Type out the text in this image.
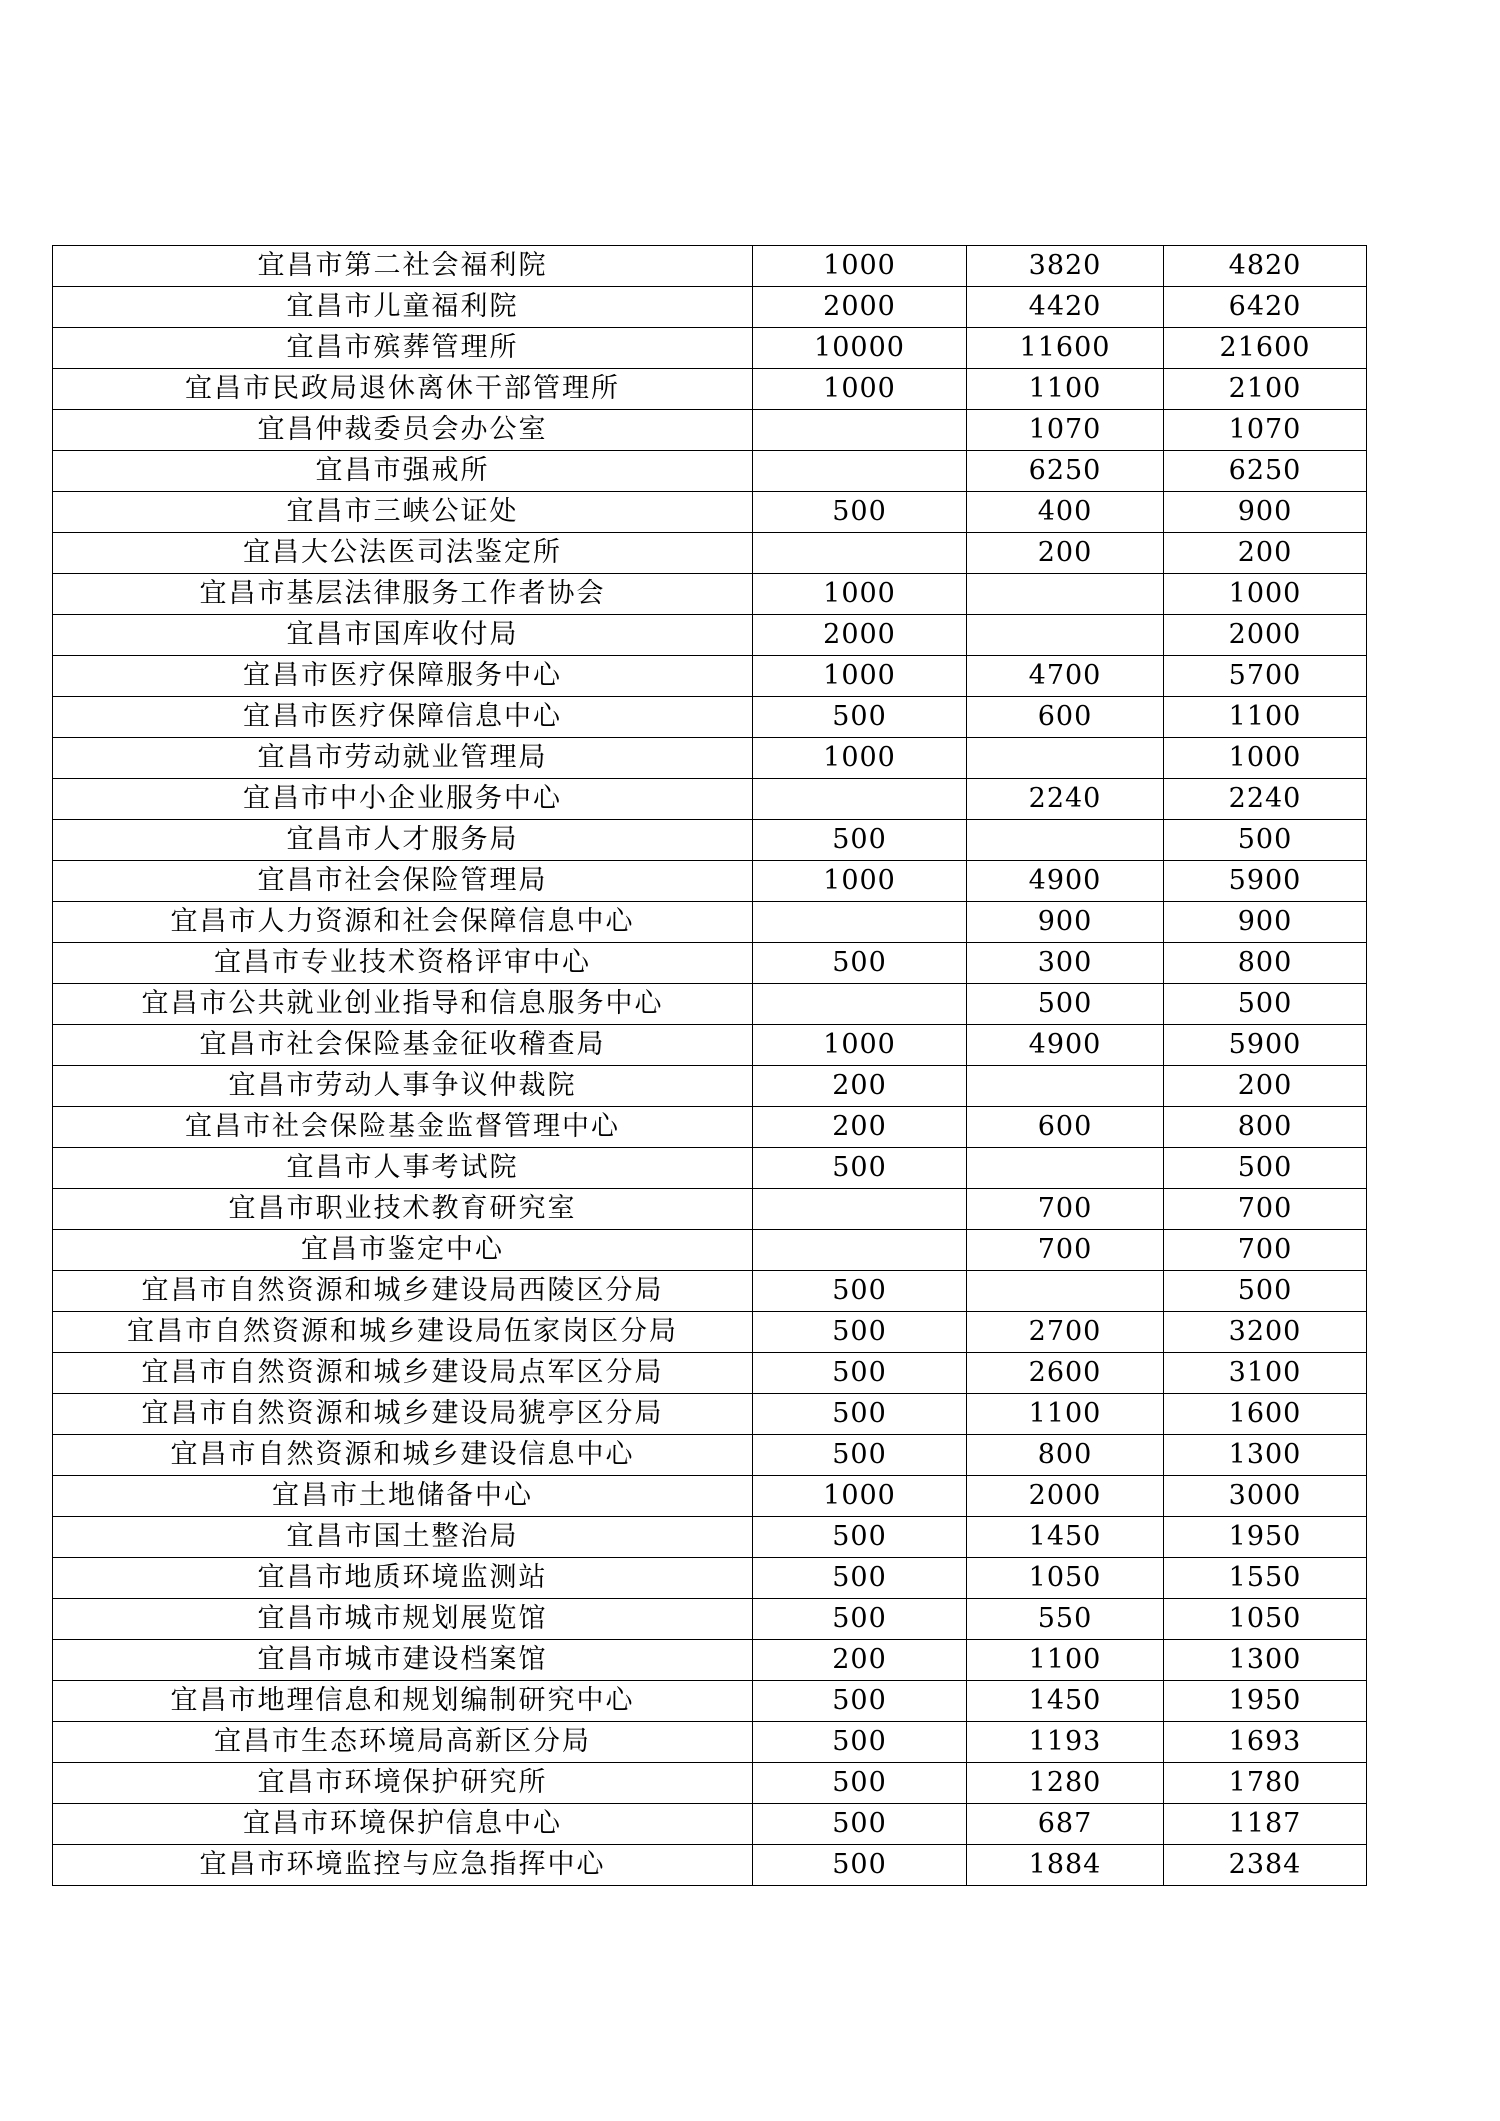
宜昌市第二社会福利院	1000	3820	4820
宜昌市儿童福利院	2000	4420	6420
宜昌市殡葬管理所	10000	11600	21600
宜昌市民政局退休离休干部管理所	1000	1100	2100
宜昌仲裁委员会办公室		1070	1070
宜昌市强戒所		6250	6250
宜昌市三峡公证处	500	400	900
宜昌大公法医司法鉴定所		200	200
宜昌市基层法律服务工作者协会	1000		1000
宜昌市国库收付局	2000		2000
宜昌市医疗保障服务中心	1000	4700	5700
宜昌市医疗保障信息中心	500	600	1100
宜昌市劳动就业管理局	1000		1000
宜昌市中小企业服务中心		2240	2240
宜昌市人才服务局	500		500
宜昌市社会保险管理局	1000	4900	5900
宜昌市人力资源和社会保障信息中心		900	900
宜昌市专业技术资格评审中心	500	300	800
宜昌市公共就业创业指导和信息服务中心		500	500
宜昌市社会保险基金征收稽查局	1000	4900	5900
宜昌市劳动人事争议仲裁院	200		200
宜昌市社会保险基金监督管理中心	200	600	800
宜昌市人事考试院	500		500
宜昌市职业技术教育研究室		700	700
宜昌市鉴定中心		700	700
宜昌市自然资源和城乡建设局西陵区分局	500		500
宜昌市自然资源和城乡建设局伍家岗区分局	500	2700	3200
宜昌市自然资源和城乡建设局点军区分局	500	2600	3100
宜昌市自然资源和城乡建设局猇亭区分局	500	1100	1600
宜昌市自然资源和城乡建设信息中心	500	800	1300
宜昌市土地储备中心	1000	2000	3000
宜昌市国土整治局	500	1450	1950
宜昌市地质环境监测站	500	1050	1550
宜昌市城市规划展览馆	500	550	1050
宜昌市城市建设档案馆	200	1100	1300
宜昌市地理信息和规划编制研究中心	500	1450	1950
宜昌市生态环境局高新区分局	500	1193	1693
宜昌市环境保护研究所	500	1280	1780
宜昌市环境保护信息中心	500	687	1187
宜昌市环境监控与应急指挥中心	500	1884	2384
